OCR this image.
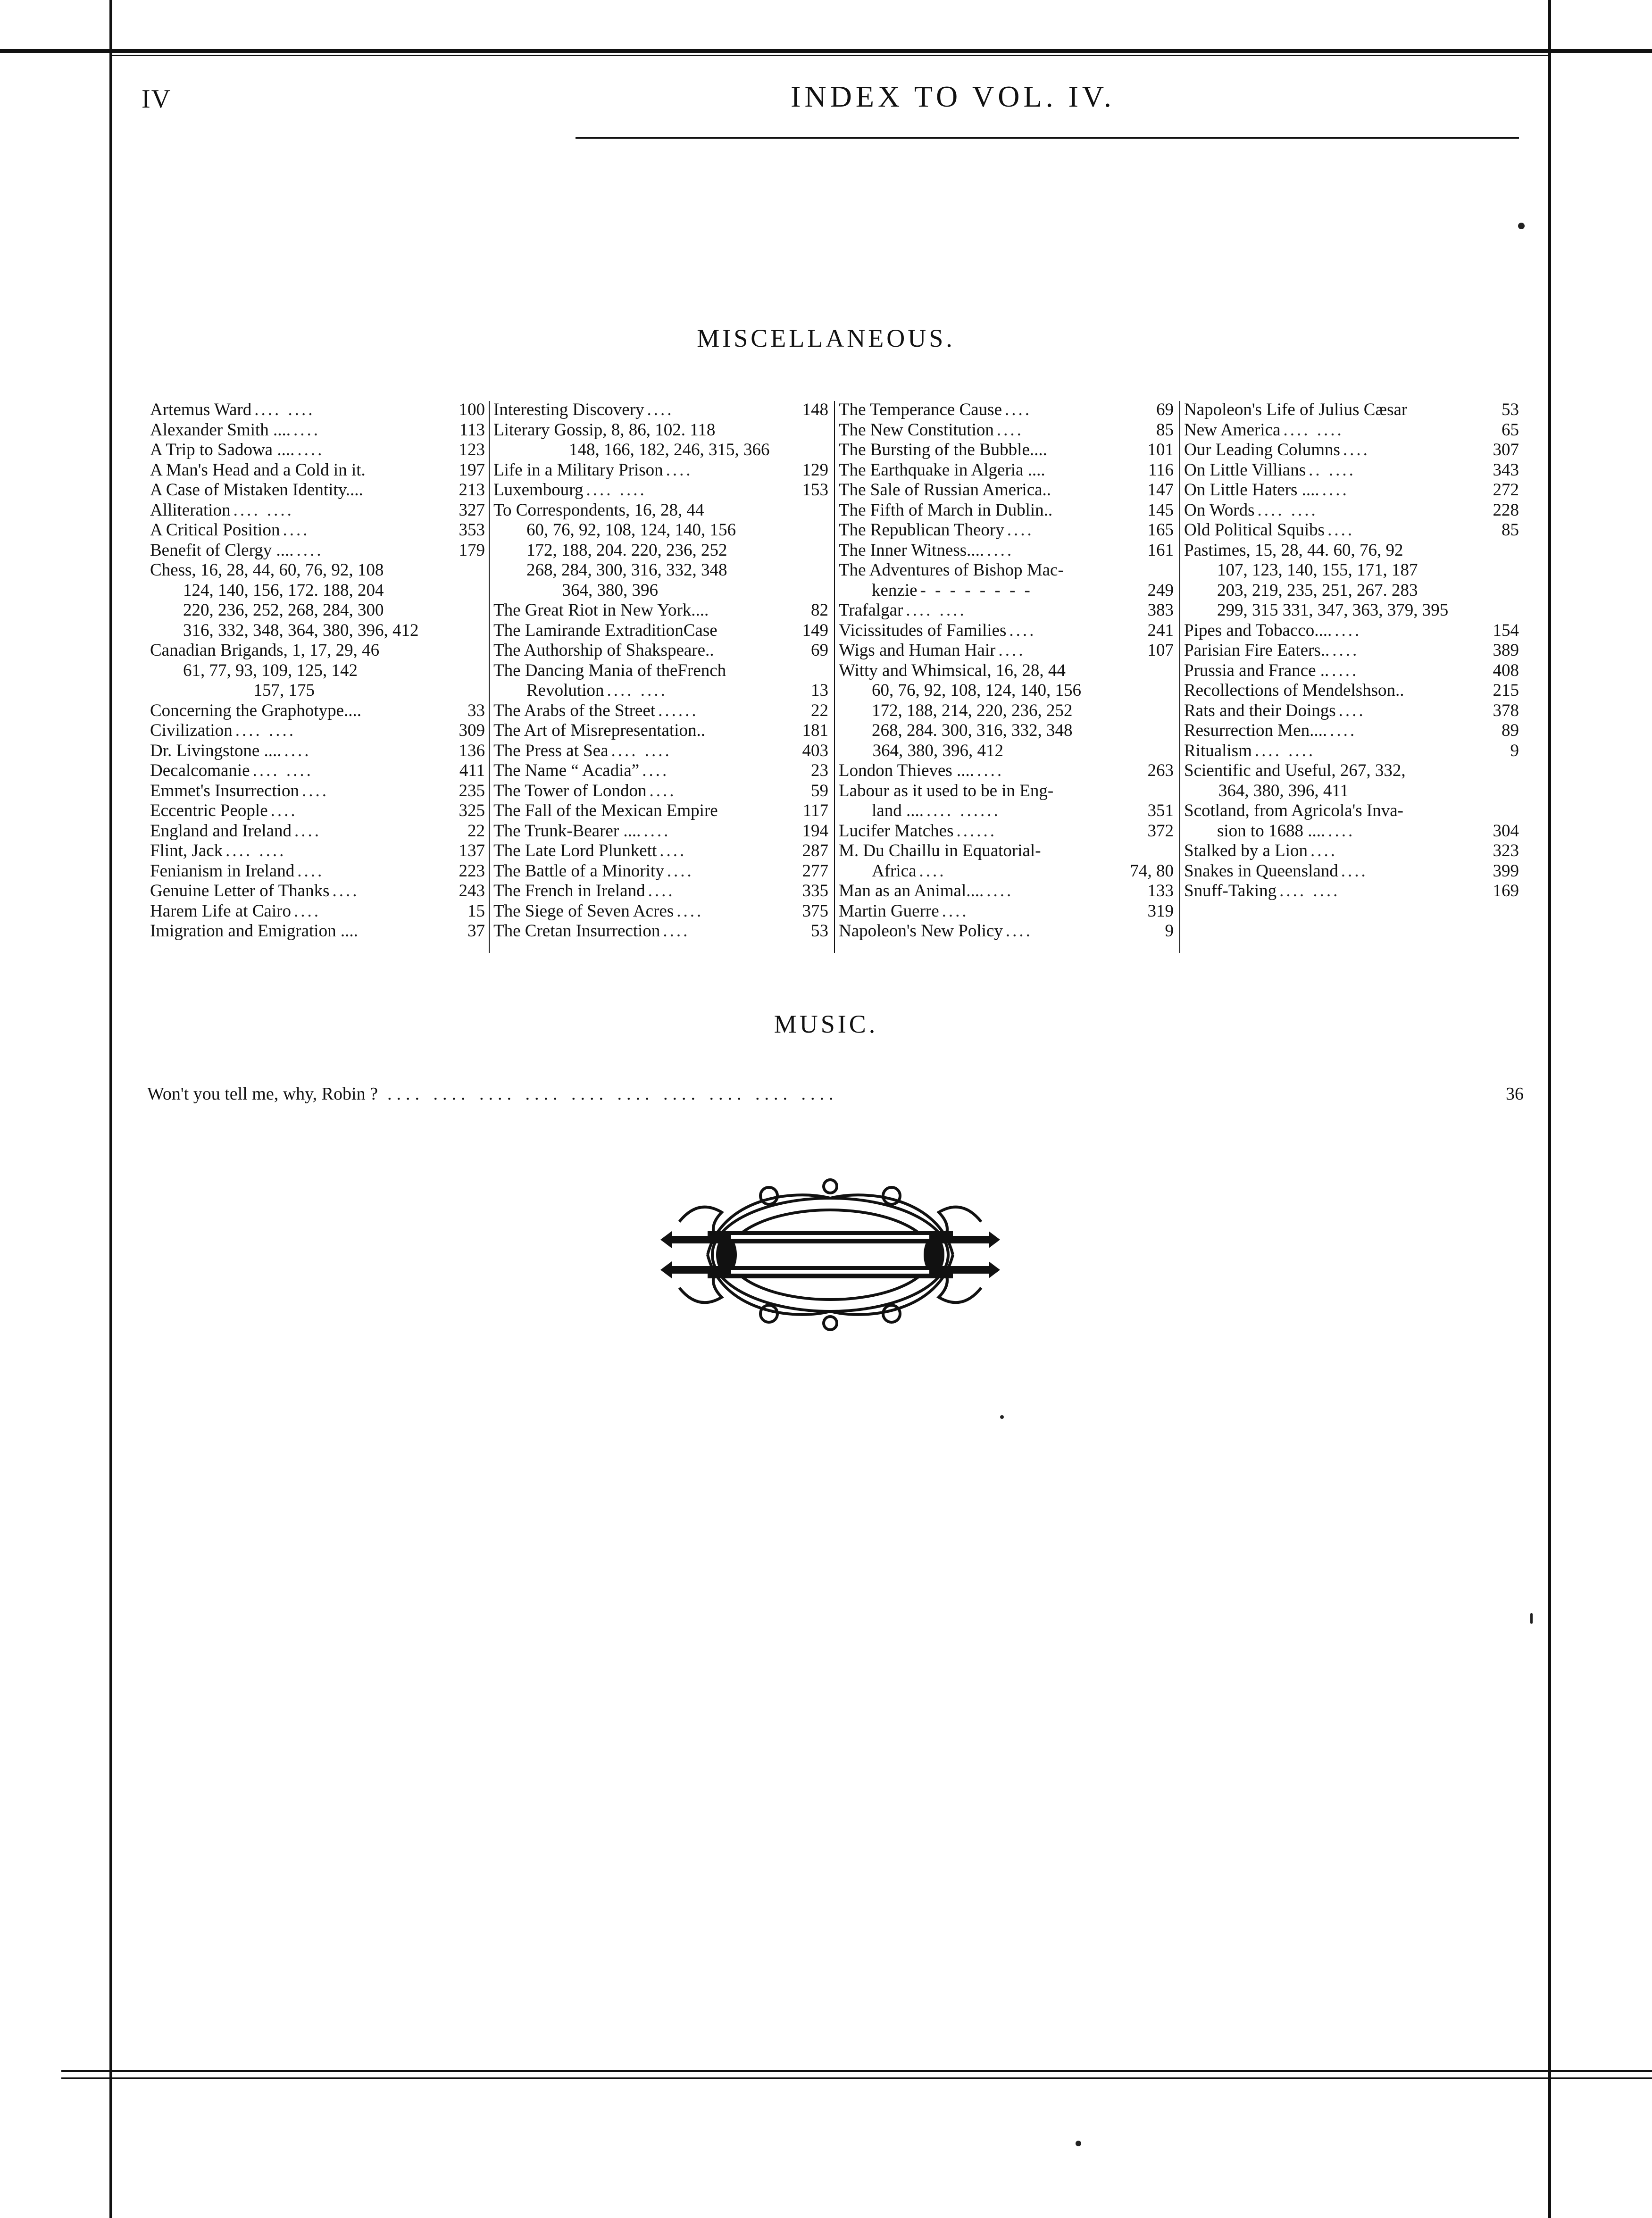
IV	INDEX TO VOL. IV.
MISCELLANEOUS.
MUSIC.
Artemus Ward .... ....	100
Alexander Smith .... ....	113
A Trip to Sadowa .... ....	123
A Man's Head and a Cold in it.	197
A Case of Mistaken Identity....	213
Alliteration .... ....	327
A Critical Position ....	353
Benefit of Clergy .... ....	179
Chess, 16, 28, 44, 60, 76, 92, 108
124, 140, 156, 172. 188, 204
220, 236, 252, 268, 284, 300
316, 332, 348, 364, 380, 396, 412
Canadian Brigands, 1, 17, 29, 46
61, 77, 93, 109, 125, 142
157, 175
Concerning the Graphotype....	33
Civilization .... ....	309
Dr. Livingstone .... ....	136
Decalcomanie .... ....	411
Emmet's Insurrection ....	235
Eccentric People ....	325
England and Ireland ....	22
Flint, Jack .... ....	137
Fenianism in Ireland ....	223
Genuine Letter of Thanks ....	243
Harem Life at Cairo ....	15
Imigration and Emigration ....	37
Interesting Discovery ....	148
Literary Gossip, 8, 86, 102. 118
148, 166, 182, 246, 315, 366
Life in a Military Prison ....	129
Luxembourg .... ....	153
To Correspondents, 16, 28, 44
60, 76, 92, 108, 124, 140, 156
172, 188, 204. 220, 236, 252
268, 284, 300, 316, 332, 348
364, 380, 396
The Great Riot in New York....	82
The Lamirande ExtraditionCase	149
The Authorship of Shakspeare..	69
The Dancing Mania of theFrench
Revolution .... ....	13
The Arabs of the Street ......	22
The Art of Misrepresentation..	181
The Press at Sea .... ....	403
The Name “ Acadia” ....	23
The Tower of London ....	59
The Fall of the Mexican Empire	117
The Trunk-Bearer .... ....	194
The Late Lord Plunkett ....	287
The Battle of a Minority ....	277
The French in Ireland ....	335
The Siege of Seven Acres ....	375
The Cretan Insurrection ....	53
The Temperance Cause ....	69
The New Constitution ....	85
The Bursting of the Bubble....	101
The Earthquake in Algeria ....	116
The Sale of Russian America..	147
The Fifth of March in Dublin..	145
The Republican Theory ....	165
The Inner Witness.... ....	161
The Adventures of Bishop Mac-
kenzie - - - - - - - -	249
Trafalgar .... ....	383
Vicissitudes of Families ....	241
Wigs and Human Hair ....	107
Witty and Whimsical, 16, 28, 44
60, 76, 92, 108, 124, 140, 156
172, 188, 214, 220, 236, 252
268, 284. 300, 316, 332, 348
364, 380, 396, 412
London Thieves .... ....	263
Labour as it used to be in Eng-
land .... .... ......	351
Lucifer Matches ......	372
M. Du Chaillu in Equatorial-
Africa ....	74, 80
Man as an Animal.... ....	133
Martin Guerre ....	319
Napoleon's New Policy ....	9
Napoleon's Life of Julius Cæsar	53
New America .... ....	65
Our Leading Columns ....	307
On Little Villians .. ....	343
On Little Haters .... ....	272
On Words .... ....	228
Old Political Squibs ....	85
Pastimes, 15, 28, 44. 60, 76, 92
107, 123, 140, 155, 171, 187
203, 219, 235, 251, 267. 283
299, 315 331, 347, 363, 379, 395
Pipes and Tobacco.... ....	154
Parisian Fire Eaters.. ....	389
Prussia and France .. ....	408
Recollections of Mendelshson..	215
Rats and their Doings ....	378
Resurrection Men.... ....	89
Ritualism .... ....	9
Scientific and Useful, 267, 332,
364, 380, 396, 411
Scotland, from Agricola's Inva-
sion to 1688 .... ....	304
Stalked by a Lion ....	323
Snakes in Queensland ....	399
Snuff-Taking .... ....	169
Won't you tell me, why, Robin ? .... .... .... .... .... .... .... .... .... ....	36
